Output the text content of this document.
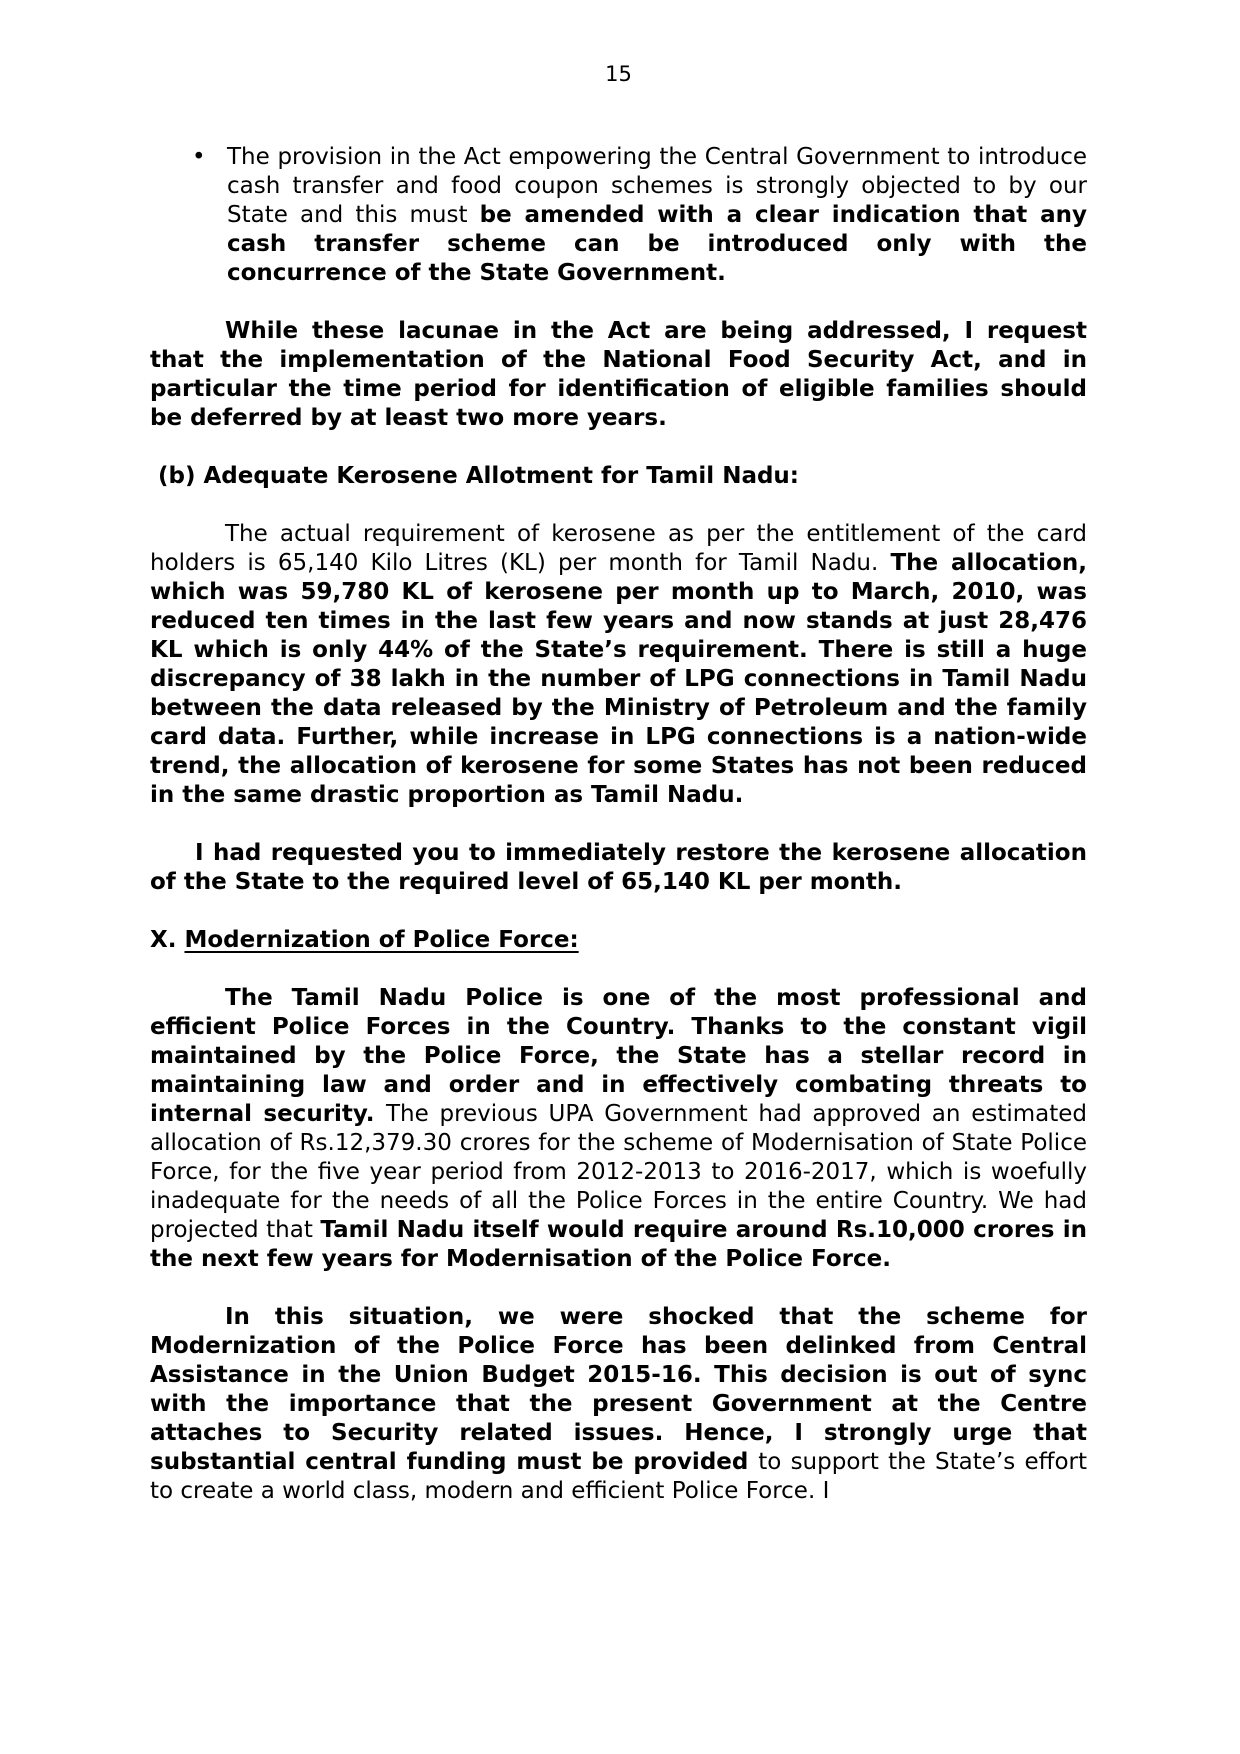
15
• The provision in the Act empowering the Central Government to introduce cash transfer and food coupon schemes is strongly objected to by our State and this must be amended with a clear indication that any cash transfer scheme can be introduced only with the concurrence of the State Government.
While these lacunae in the Act are being addressed, I request that the implementation of the National Food Security Act, and in particular the time period for identification of eligible families should be deferred by at least two more years.
(b) Adequate Kerosene Allotment for Tamil Nadu:
The actual requirement of kerosene as per the entitlement of the card holders is 65,140 Kilo Litres (KL) per month for Tamil Nadu. The allocation, which was 59,780 KL of kerosene per month up to March, 2010, was reduced ten times in the last few years and now stands at just 28,476 KL which is only 44% of the State’s requirement. There is still a huge discrepancy of 38 lakh in the number of LPG connections in Tamil Nadu between the data released by the Ministry of Petroleum and the family card data. Further, while increase in LPG connections is a nation-wide trend, the allocation of kerosene for some States has not been reduced in the same drastic proportion as Tamil Nadu.
I had requested you to immediately restore the kerosene allocation of the State to the required level of 65,140 KL per month.
X. Modernization of Police Force:
The Tamil Nadu Police is one of the most professional and efficient Police Forces in the Country. Thanks to the constant vigil maintained by the Police Force, the State has a stellar record in maintaining law and order and in effectively combating threats to internal security. The previous UPA Government had approved an estimated allocation of Rs.12,379.30 crores for the scheme of Modernisation of State Police Force, for the five year period from 2012-2013 to 2016-2017, which is woefully inadequate for the needs of all the Police Forces in the entire Country. We had projected that Tamil Nadu itself would require around Rs.10,000 crores in the next few years for Modernisation of the Police Force.
In this situation, we were shocked that the scheme for Modernization of the Police Force has been delinked from Central Assistance in the Union Budget 2015-16. This decision is out of sync with the importance that the present Government at the Centre attaches to Security related issues. Hence, I strongly urge that substantial central funding must be provided to support the State’s effort to create a world class, modern and efficient Police Force. I
